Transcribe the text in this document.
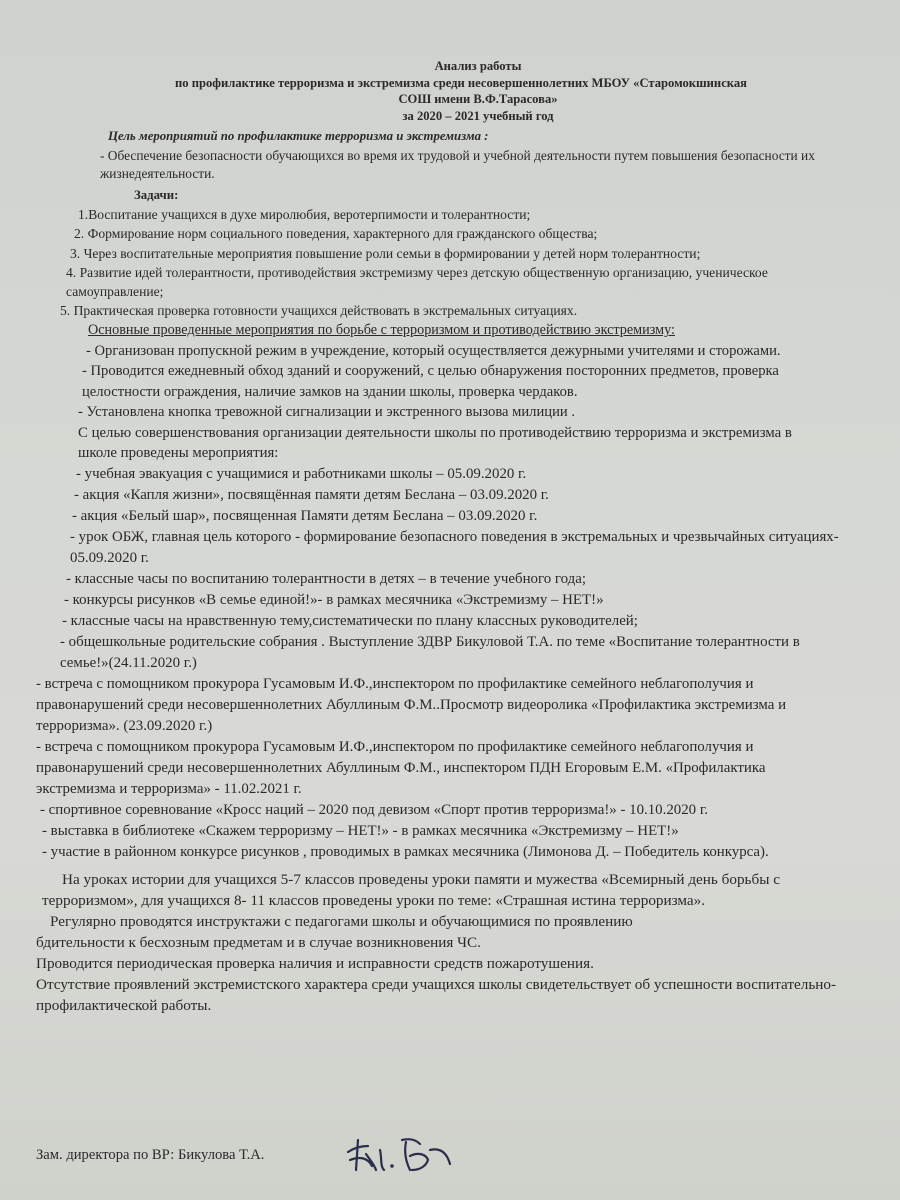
Анализ работы
по профилактике терроризма и экстремизма среди несовершеннолетних МБОУ «Старомокшинская
СОШ имени В.Ф.Тарасова»
за 2020 – 2021 учебный год
Цель мероприятий по профилактике терроризма и экстремизма :
- Обеспечение безопасности обучающихся во время их трудовой и учебной деятельности путем повышения безопасности их жизнедеятельности.
Задачи:
1.Воспитание учащихся в духе миролюбия, веротерпимости и толерантности;
2. Формирование норм социального поведения, характерного для гражданского общества;
3. Через воспитательные мероприятия повышение роли семьи в формировании у детей норм толерантности;
4. Развитие идей толерантности, противодействия экстремизму через детскую общественную организацию, ученическое самоуправление;
5. Практическая проверка готовности учащихся действовать в экстремальных ситуациях.
Основные проведенные мероприятия по борьбе с терроризмом и противодействию экстремизму:
- Организован пропускной режим в учреждение, который осуществляется дежурными учителями и сторожами.
- Проводится ежедневный обход зданий и сооружений, с целью обнаружения посторонних предметов, проверка целостности ограждения, наличие замков на здании школы, проверка чердаков.
- Установлена кнопка тревожной сигнализации и экстренного вызова милиции .
С целью совершенствования организации деятельности школы по противодействию терроризма и экстремизма в школе проведены мероприятия:
- учебная эвакуация с учащимися и работниками школы – 05.09.2020 г.
- акция «Капля жизни», посвящённая памяти детям Беслана – 03.09.2020 г.
- акция «Белый шар», посвященная Памяти детям Беслана – 03.09.2020 г.
- урок ОБЖ, главная цель которого - формирование безопасного поведения в экстремальных и чрезвычайных ситуациях- 05.09.2020 г.
- классные часы по воспитанию толерантности в детях – в течение учебного года;
- конкурсы рисунков «В семье единой!»- в рамках месячника «Экстремизму – НЕТ!»
- классные часы на нравственную тему,систематически по плану классных руководителей;
- общешкольные родительские собрания . Выступление ЗДВР Бикуловой Т.А. по теме «Воспитание толерантности в семье!»(24.11.2020 г.)
- встреча с помощником прокурора Гусамовым И.Ф.,инспектором по профилактике семейного неблагополучия и правонарушений среди несовершеннолетних Абуллиным Ф.М..Просмотр видеоролика «Профилактика экстремизма и терроризма». (23.09.2020 г.)
- встреча с помощником прокурора Гусамовым И.Ф.,инспектором по профилактике семейного неблагополучия и правонарушений среди несовершеннолетних Абуллиным Ф.М., инспектором ПДН Егоровым Е.М. «Профилактика экстремизма и терроризма» - 11.02.2021 г.
- спортивное соревнование «Кросс наций – 2020 под девизом «Спорт против терроризма!» - 10.10.2020 г.
- выставка в библиотеке «Скажем терроризму – НЕТ!» - в рамках месячника «Экстремизму – НЕТ!»
- участие в районном конкурсе рисунков , проводимых в рамках месячника (Лимонова Д. – Победитель конкурса).
На уроках истории для учащихся 5-7 классов проведены уроки памяти и мужества «Всемирный день борьбы с терроризмом», для учащихся 8- 11 классов проведены уроки по теме: «Страшная истина терроризма».
Регулярно проводятся инструктажи с педагогами школы и обучающимися по проявлению бдительности к бесхозным предметам и в случае возникновения ЧС.
Проводится периодическая проверка наличия и исправности средств пожаротушения.
Отсутствие проявлений экстремистского характера среди учащихся школы свидетельствует об успешности воспитательно- профилактической работы.
Зам. директора по ВР: Бикулова Т.А.
